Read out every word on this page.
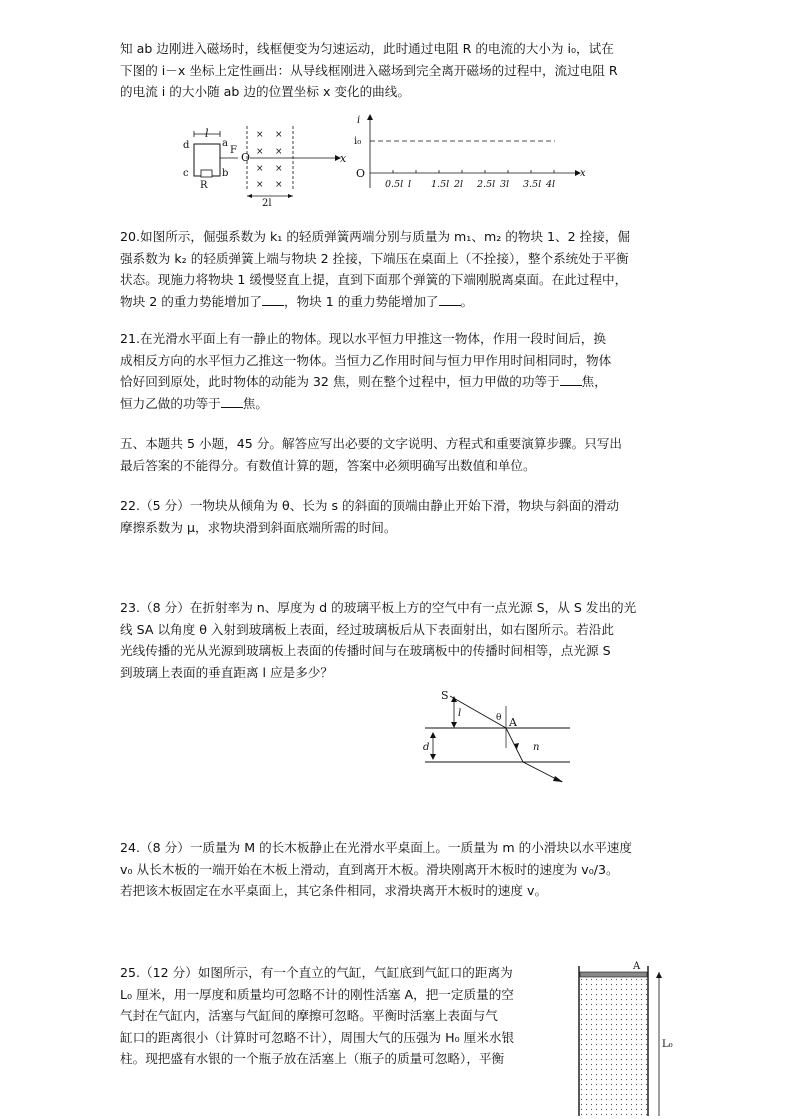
知 ab 边刚进入磁场时，线框便变为匀速运动，此时通过电阻 R 的电流的大小为 i₀，试在
下图的 i－x 坐标上定性画出：从导线框刚进入磁场到完全离开磁场的过程中，流过电阻 R
的电流 i 的大小随 ab 边的位置坐标 x 变化的曲线。
l
d	a
c	b
R
F
O	x
× ×
× ×
× ×
× ×
2l
i
i₀
x
O
0.5l l 1.5l 2l 2.5l 3l 3.5l 4l
20.如图所示，倔强系数为 k₁ 的轻质弹簧两端分别与质量为 m₁、m₂ 的物块 1、2 拴接，倔
强系数为 k₂ 的轻质弹簧上端与物块 2 拴接，下端压在桌面上（不拴接），整个系统处于平衡
状态。现施力将物块 1 缓慢竖直上提，直到下面那个弹簧的下端刚脱离桌面。在此过程中，
物块 2 的重力势能增加了 ，物块 1 的重力势能增加了 。
21.在光滑水平面上有一静止的物体。现以水平恒力甲推这一物体，作用一段时间后，换
成相反方向的水平恒力乙推这一物体。当恒力乙作用时间与恒力甲作用时间相同时，物体
恰好回到原处，此时物体的动能为 32 焦，则在整个过程中，恒力甲做的功等于 焦，
恒力乙做的功等于 焦。
五、本题共 5 小题，45 分。解答应写出必要的文字说明、方程式和重要演算步骤。只写出
最后答案的不能得分。有数值计算的题，答案中必须明确写出数值和单位。
22.（5 分）一物块从倾角为 θ、长为 s 的斜面的顶端由静止开始下滑，物块与斜面的滑动
摩擦系数为 μ，求物块滑到斜面底端所需的时间。
23.（8 分）在折射率为 n、厚度为 d 的玻璃平板上方的空气中有一点光源 S，从 S 发出的光
线 SA 以角度 θ 入射到玻璃板上表面，经过玻璃板后从下表面射出，如右图所示。若沿此
光线传播的光从光源到玻璃板上表面的传播时间与在玻璃板中的传播时间相等，点光源 S
到玻璃上表面的垂直距离 l 应是多少？
l
d
S
θ A
n
24.（8 分）一质量为 M 的长木板静止在光滑水平桌面上。一质量为 m 的小滑块以水平速度
v₀ 从长木板的一端开始在木板上滑动，直到离开木板。滑块刚离开木板时的速度为 v₀/3。
若把该木板固定在水平桌面上，其它条件相同，求滑块离开木板时的速度 v。
25.（12 分）如图所示，有一个直立的气缸，气缸底到气缸口的距离为
L₀ 厘米，用一厚度和质量均可忽略不计的刚性活塞 A，把一定质量的空
气封在气缸内，活塞与气缸间的摩擦可忽略。平衡时活塞上表面与气
缸口的距离很小（计算时可忽略不计），周围大气的压强为 H₀ 厘米水银
柱。现把盛有水银的一个瓶子放在活塞上（瓶子的质量可忽略），平衡
A
L₀
